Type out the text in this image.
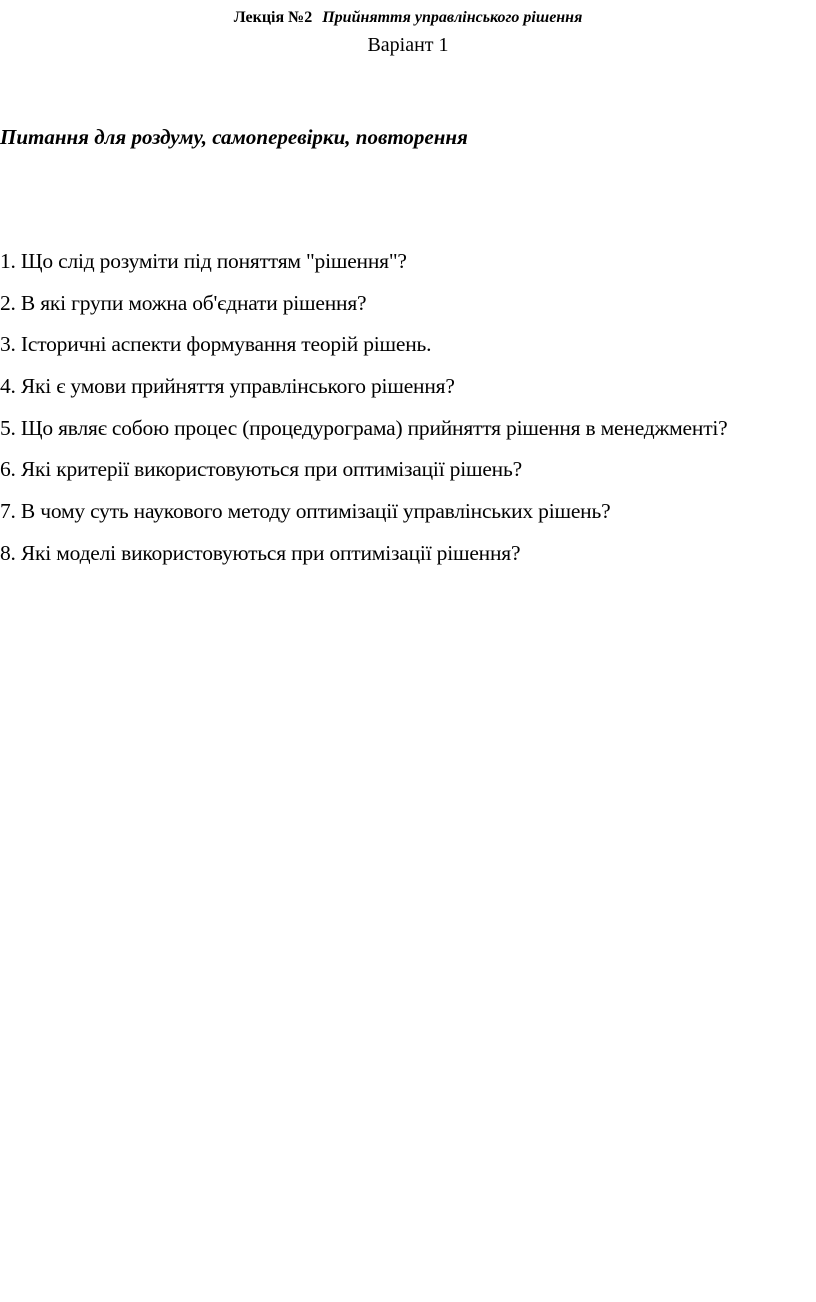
Лекція №2 Прийняття управлінського рішення
Варіант 1
Питання для роздуму, самоперевірки, повторення
1. Що слід розуміти під поняттям "рішення"?
2. В які групи можна об'єднати рішення?
3. Історичні аспекти формування теорій рішень.
4. Які є умови прийняття управлінського рішення?
5. Що являє собою процес (процедурограма) прийняття рішення в менеджменті?
6. Які критерії використовуються при оптимізації рішень?
7. В чому суть наукового методу оптимізації управлінських рішень?
8. Які моделі використовуються при оптимізації рішення?
